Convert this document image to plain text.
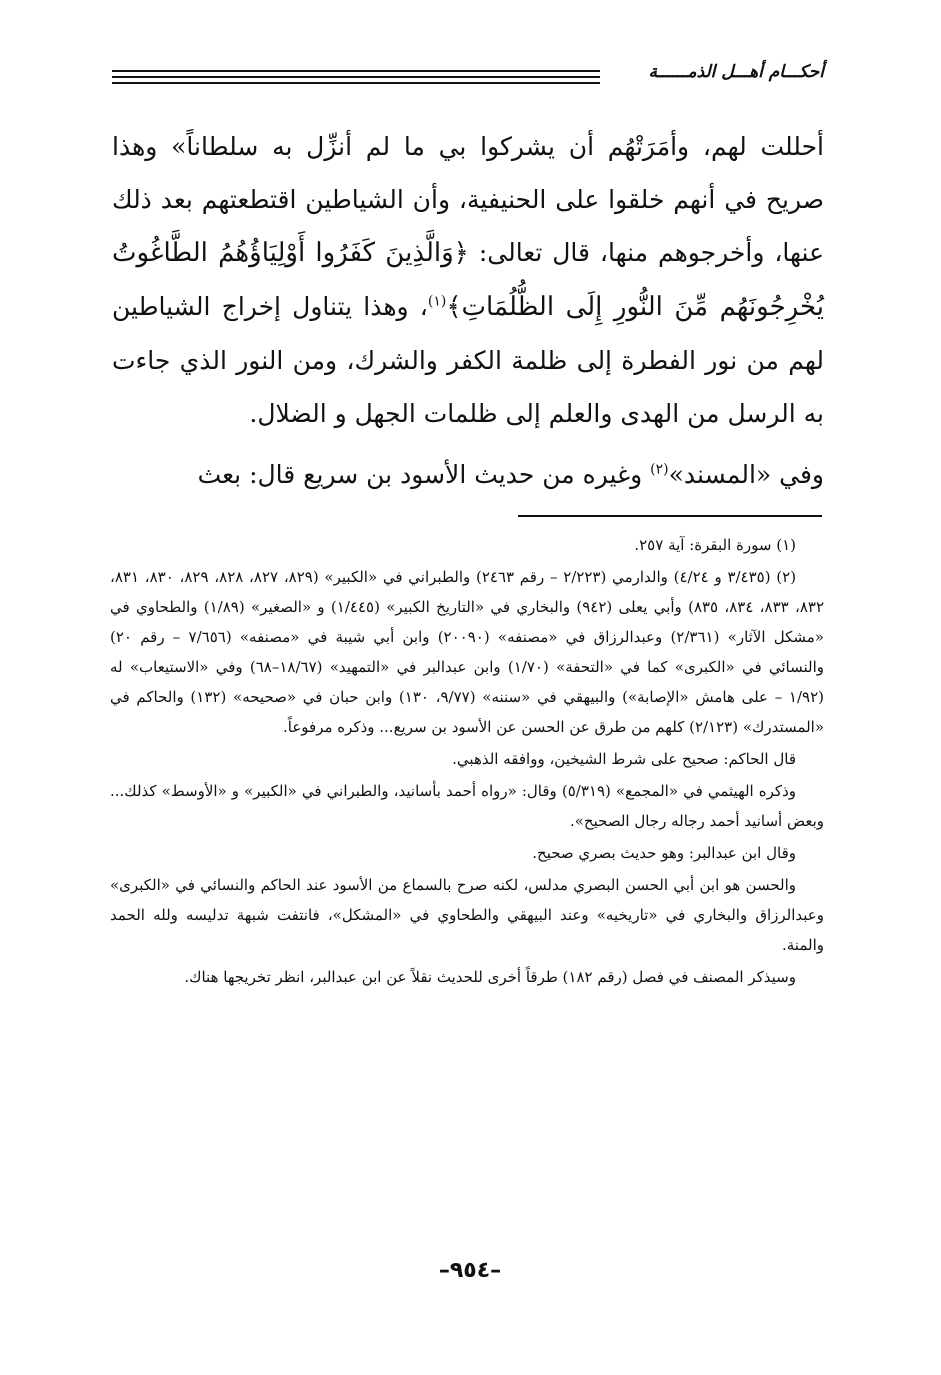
أحكـــام أهـــل الذمــــــة

أحللت لهم، وأمَرَتْهُم أن يشركوا بي ما لم أنزِّل به سلطاناً» وهذا صريح في أنهم خلقوا على الحنيفية، وأن الشياطين اقتطعتهم بعد ذلك عنها، وأخرجوهم منها، قال تعالى: ﴿وَالَّذِينَ كَفَرُوا أَوْلِيَاؤُهُمُ الطَّاغُوتُ يُخْرِجُونَهُم مِّنَ النُّورِ إِلَى الظُّلُمَاتِ﴾$^{(١)}$، وهذا يتناول إخراج الشياطين لهم من نور الفطرة إلى ظلمة الكفر والشرك، ومن النور الذي جاءت به الرسل من الهدى والعلم إلى ظلمات الجهل و الضلال.

وفي «المسند»$^{(٢)}$ وغيره من حديث الأسود بن سريع قال: بعث

(١) سورة البقرة: آية ٢٥٧.

(٢) (٣/٤٣٥ و ٤/٢٤) والدارمي (٢/٢٢٣ – رقم ٢٤٦٣) والطبراني في «الكبير» (٨٢٩، ٨٢٧، ٨٢٨، ٨٢٩، ٨٣٠، ٨٣١، ٨٣٢، ٨٣٣، ٨٣٤، ٨٣٥) وأبي يعلى (٩٤٢) والبخاري في «التاريخ الكبير» (١/٤٤٥) و «الصغير» (١/٨٩) والطحاوي في «مشكل الآثار» (٢/٣٦١) وعبدالرزاق في «مصنفه» (٢٠٠٩٠) وابن أبي شيبة في «مصنفه» (٧/٦٥٦ – رقم ٢٠) والنسائي في «الكبرى» كما في «التحفة» (١/٧٠) وابن عبدالبر في «التمهيد» (١٨/٦٧–٦٨) وفي «الاستيعاب» له (١/٩٢ – على هامش «الإصابة») والبيهقي في «سننه» (٩/٧٧، ١٣٠) وابن حبان في «صحيحه» (١٣٢) والحاكم في «المستدرك» (٢/١٢٣) كلهم من طرق عن الحسن عن الأسود بن سريع... وذكره مرفوعاً.

قال الحاكم: صحيح على شرط الشيخين، ووافقه الذهبي.

وذكره الهيثمي في «المجمع» (٥/٣١٩) وقال: «رواه أحمد بأسانيد، والطبراني في «الكبير» و «الأوسط» كذلك... وبعض أسانيد أحمد رجاله رجال الصحيح».

وقال ابن عبدالبر: وهو حديث بصري صحيح.

والحسن هو ابن أبي الحسن البصري مدلس، لكنه صرح بالسماع من الأسود عند الحاكم والنسائي في «الكبرى» وعبدالرزاق والبخاري في «تاريخيه» وعند البيهقي والطحاوي في «المشكل»، فانتفت شبهة تدليسه ولله الحمد والمنة.

وسيذكر المصنف في فصل (رقم ١٨٢) طرقاً أخرى للحديث نقلاً عن ابن عبدالبر، انظر تخريجها هناك.

–٩٥٤–
